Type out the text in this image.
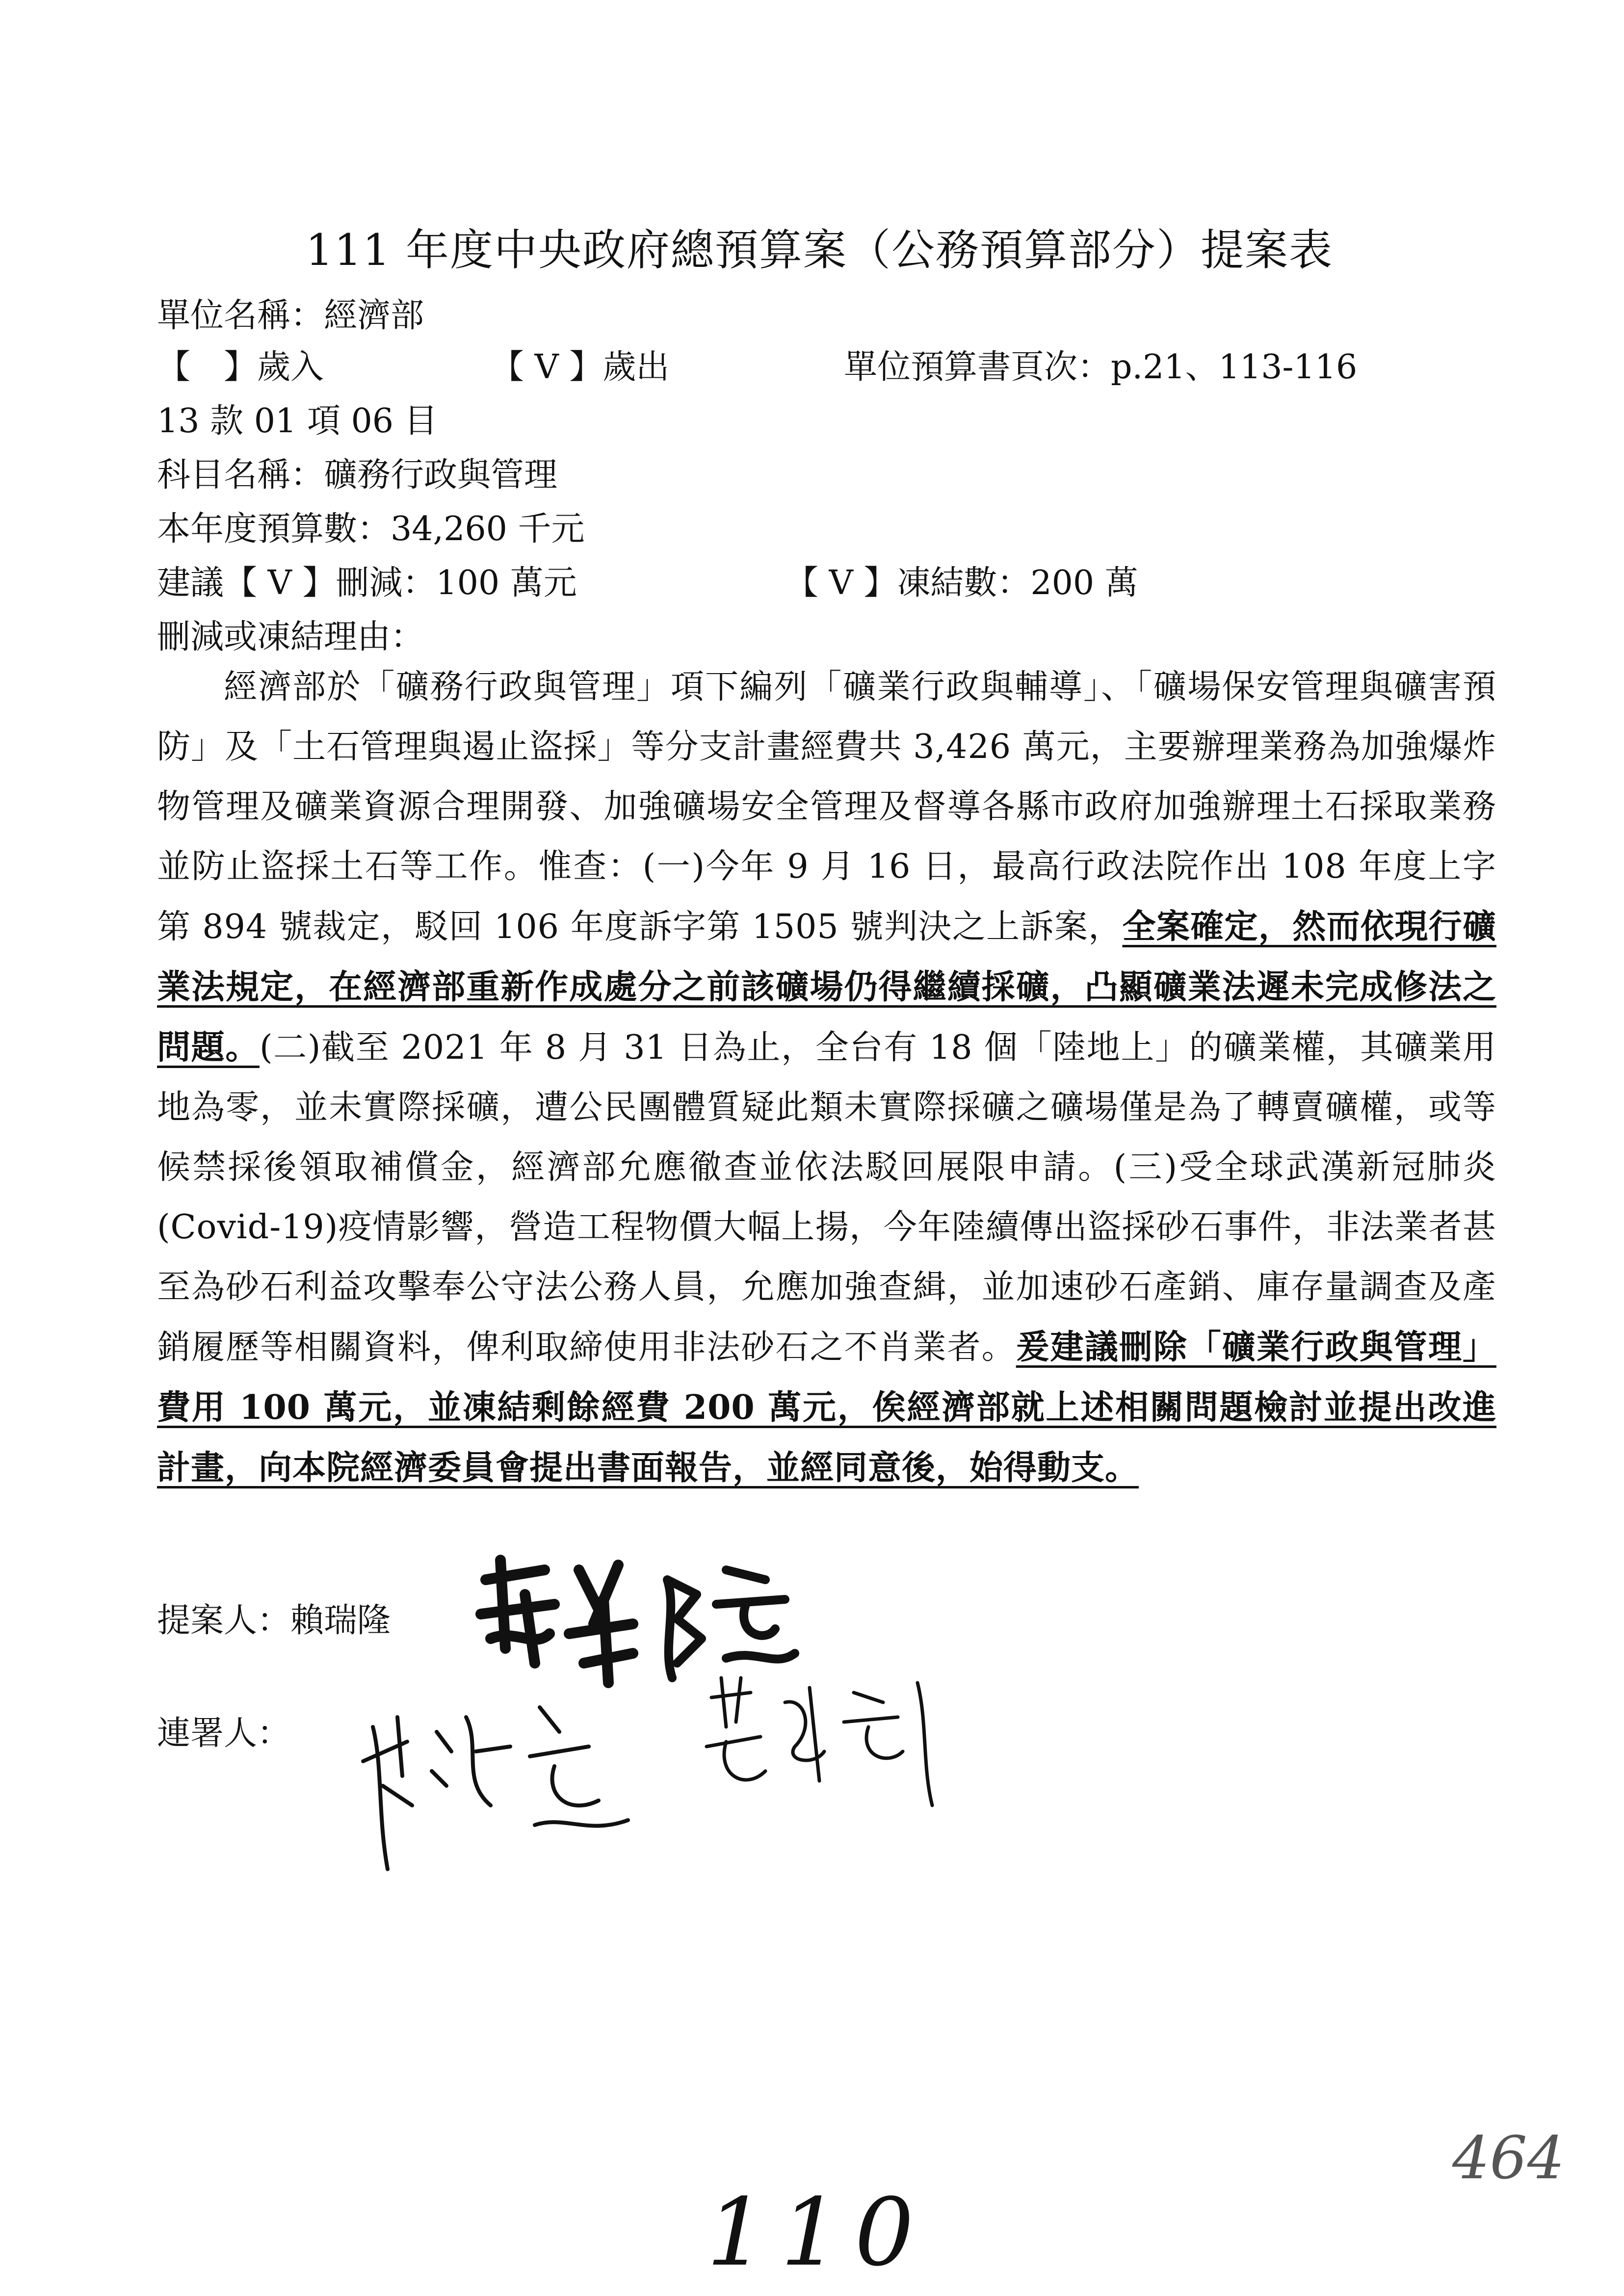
111 年度中央政府總預算案（公務預算部分）提案表
單位名稱：經濟部
【　】歲入	【 V 】歲出	單位預算書頁次：p.21、113-116
13 款 01 項 06 目
科目名稱：礦務行政與管理
本年度預算數：34,260 千元
建議【 V 】刪減：100 萬元	【 V 】凍結數：200 萬
刪減或凍結理由：
經濟部於「礦務行政與管理」項下編列「礦業行政與輔導」、「礦場保安管理與礦害預防」及「土石管理與遏止盜採」等分支計畫經費共 3,426 萬元，主要辦理業務為加強爆炸物管理及礦業資源合理開發、加強礦場安全管理及督導各縣市政府加強辦理土石採取業務並防止盜採土石等工作。惟查：(一)今年 9 月 16 日，最高行政法院作出 108 年度上字第 894 號裁定，駁回 106 年度訴字第 1505 號判決之上訴案，全案確定，然而依現行礦業法規定，在經濟部重新作成處分之前該礦場仍得繼續採礦，凸顯礦業法遲未完成修法之問題。(二)截至 2021 年 8 月 31 日為止，全台有 18 個「陸地上」的礦業權，其礦業用地為零，並未實際採礦，遭公民團體質疑此類未實際採礦之礦場僅是為了轉賣礦權，或等候禁採後領取補償金，經濟部允應徹查並依法駁回展限申請。(三)受全球武漢新冠肺炎(Covid-19)疫情影響，營造工程物價大幅上揚，今年陸續傳出盜採砂石事件，非法業者甚至為砂石利益攻擊奉公守法公務人員，允應加強查緝，並加速砂石產銷、庫存量調查及產銷履歷等相關資料，俾利取締使用非法砂石之不肖業者。爰建議刪除「礦業行政與管理」費用 100 萬元，並凍結剩餘經費 200 萬元，俟經濟部就上述相關問題檢討並提出改進計畫，向本院經濟委員會提出書面報告，並經同意後，始得動支。
提案人：賴瑞隆
連署人：
110
464
